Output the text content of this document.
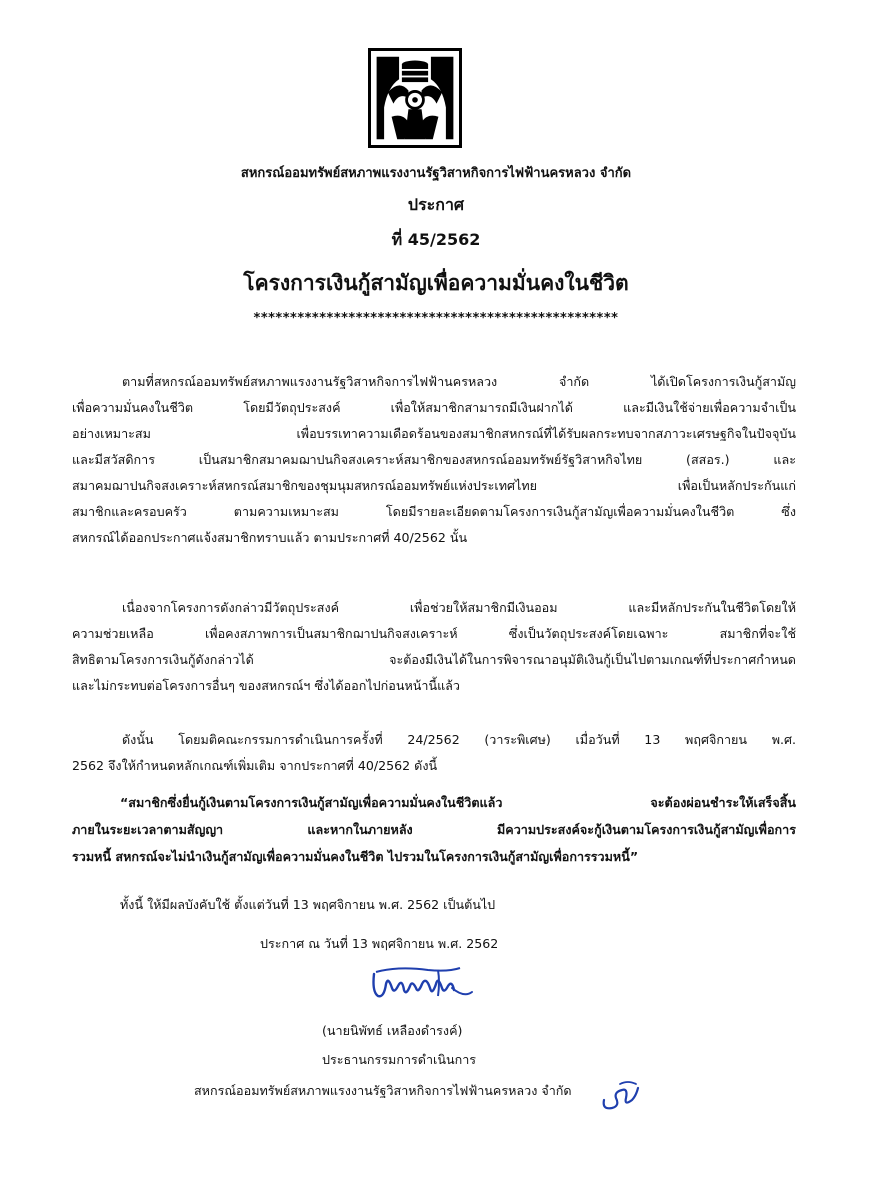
สหกรณ์ออมทรัพย์สหภาพแรงงานรัฐวิสาหกิจการไฟฟ้านครหลวง จำกัด
ประกาศ
ที่ 45/2562
โครงการเงินกู้สามัญเพื่อความมั่นคงในชีวิต
**************************************************
ตามที่สหกรณ์ออมทรัพย์สหภาพแรงงานรัฐวิสาหกิจการไฟฟ้านครหลวง จำกัด ได้เปิดโครงการเงินกู้สามัญ
เพื่อความมั่นคงในชีวิต โดยมีวัตถุประสงค์ เพื่อให้สมาชิกสามารถมีเงินฝากได้ และมีเงินใช้จ่ายเพื่อความจำเป็น
อย่างเหมาะสม เพื่อบรรเทาความเดือดร้อนของสมาชิกสหกรณ์ที่ได้รับผลกระทบจากสภาวะเศรษฐกิจในปัจจุบัน
และมีสวัสดิการ เป็นสมาชิกสมาคมฌาปนกิจสงเคราะห์สมาชิกของสหกรณ์ออมทรัพย์รัฐวิสาหกิจไทย (สสอร.) และ
สมาคมฌาปนกิจสงเคราะห์สหกรณ์สมาชิกของชุมนุมสหกรณ์ออมทรัพย์แห่งประเทศไทย เพื่อเป็นหลักประกันแก่
สมาชิกและครอบครัว ตามความเหมาะสม โดยมีรายละเอียดตามโครงการเงินกู้สามัญเพื่อความมั่นคงในชีวิต ซึ่ง
สหกรณ์ได้ออกประกาศแจ้งสมาชิกทราบแล้ว ตามประกาศที่ 40/2562 นั้น
เนื่องจากโครงการดังกล่าวมีวัตถุประสงค์ เพื่อช่วยให้สมาชิกมีเงินออม และมีหลักประกันในชีวิตโดยให้
ความช่วยเหลือ เพื่อคงสภาพการเป็นสมาชิกฌาปนกิจสงเคราะห์ ซึ่งเป็นวัตถุประสงค์โดยเฉพาะ สมาชิกที่จะใช้
สิทธิตามโครงการเงินกู้ดังกล่าวได้ จะต้องมีเงินได้ในการพิจารณาอนุมัติเงินกู้เป็นไปตามเกณฑ์ที่ประกาศกำหนด
และไม่กระทบต่อโครงการอื่นๆ ของสหกรณ์ฯ ซึ่งได้ออกไปก่อนหน้านี้แล้ว
ดังนั้น โดยมติคณะกรรมการดำเนินการครั้งที่ 24/2562 (วาระพิเศษ) เมื่อวันที่ 13 พฤศจิกายน พ.ศ.
2562 จึงให้กำหนดหลักเกณฑ์เพิ่มเติม จากประกาศที่ 40/2562 ดังนี้
“สมาชิกซึ่งยื่นกู้เงินตามโครงการเงินกู้สามัญเพื่อความมั่นคงในชีวิตแล้ว จะต้องผ่อนชำระให้เสร็จสิ้น
ภายในระยะเวลาตามสัญญา และหากในภายหลัง มีความประสงค์จะกู้เงินตามโครงการเงินกู้สามัญเพื่อการ
รวมหนี้ สหกรณ์จะไม่นำเงินกู้สามัญเพื่อความมั่นคงในชีวิต ไปรวมในโครงการเงินกู้สามัญเพื่อการรวมหนี้”
ทั้งนี้ ให้มีผลบังคับใช้ ตั้งแต่วันที่ 13 พฤศจิกายน พ.ศ. 2562 เป็นต้นไป
ประกาศ ณ วันที่ 13 พฤศจิกายน พ.ศ. 2562
(นายนิพัทธ์ เหลืองดำรงค์)
ประธานกรรมการดำเนินการ
สหกรณ์ออมทรัพย์สหภาพแรงงานรัฐวิสาหกิจการไฟฟ้านครหลวง จำกัด
